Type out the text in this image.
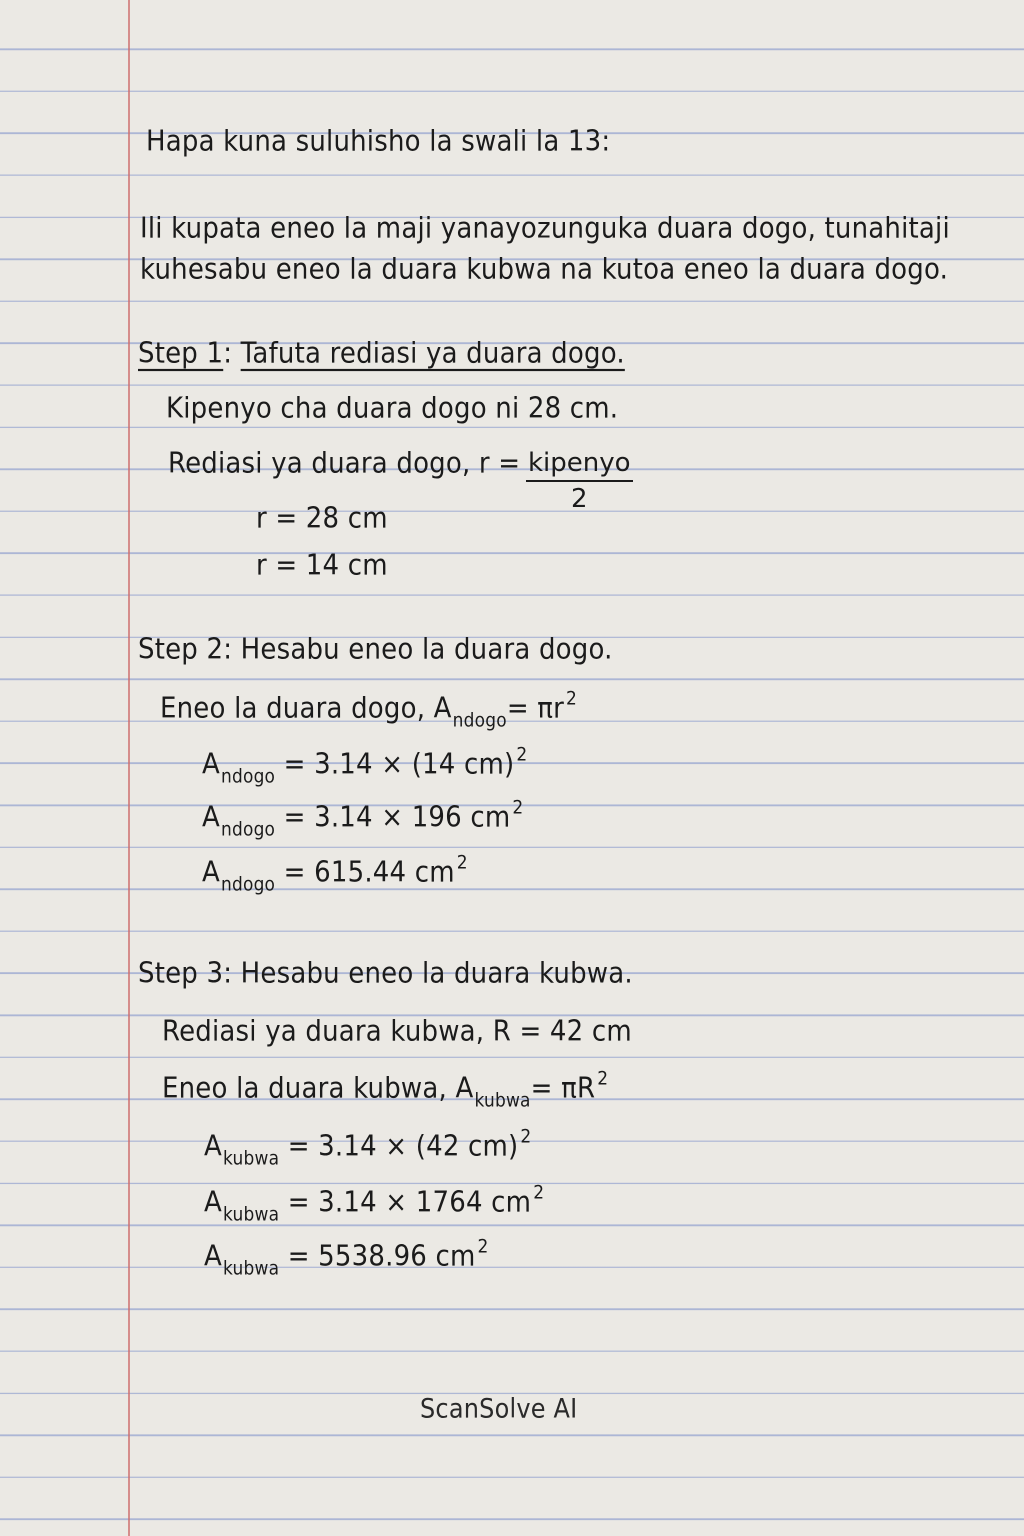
Hapa kuna suluhisho la swali la 13:
Ili kupata eneo la maji yanayozunguka duara dogo, tunahitaji
kuhesabu eneo la duara kubwa na kutoa eneo la duara dogo.
Step 1: Tafuta rediasi ya duara dogo.
Kipenyo cha duara dogo ni 28 cm.
Rediasi ya duara dogo, r = kipenyo
2
r = 28 cm
r = 14 cm
Step 2: Hesabu eneo la duara dogo.
Eneo la duara dogo, $A_{ndogo}= \pi r$ $^2$
$A_{ndogo} = 3.14 \times (14$ cm) $^2$
$A_{ndogo} = 3.14 \times 196$ cm $^2$
$A_{ndogo} = 615.44$ cm $^2$
Step 3: Hesabu eneo la duara kubwa.
Rediasi ya duara kubwa, R = 42 cm
Eneo la duara kubwa, $A_{kubwa}= \pi R$ $^2$
$A_{kubwa} = 3.14 \times (42$ cm) $^2$
$A_{kubwa} = 3.14 \times 1764$ cm $^2$
$A_{kubwa} = 5538.96$ cm $^2$
ScanSolve AI
